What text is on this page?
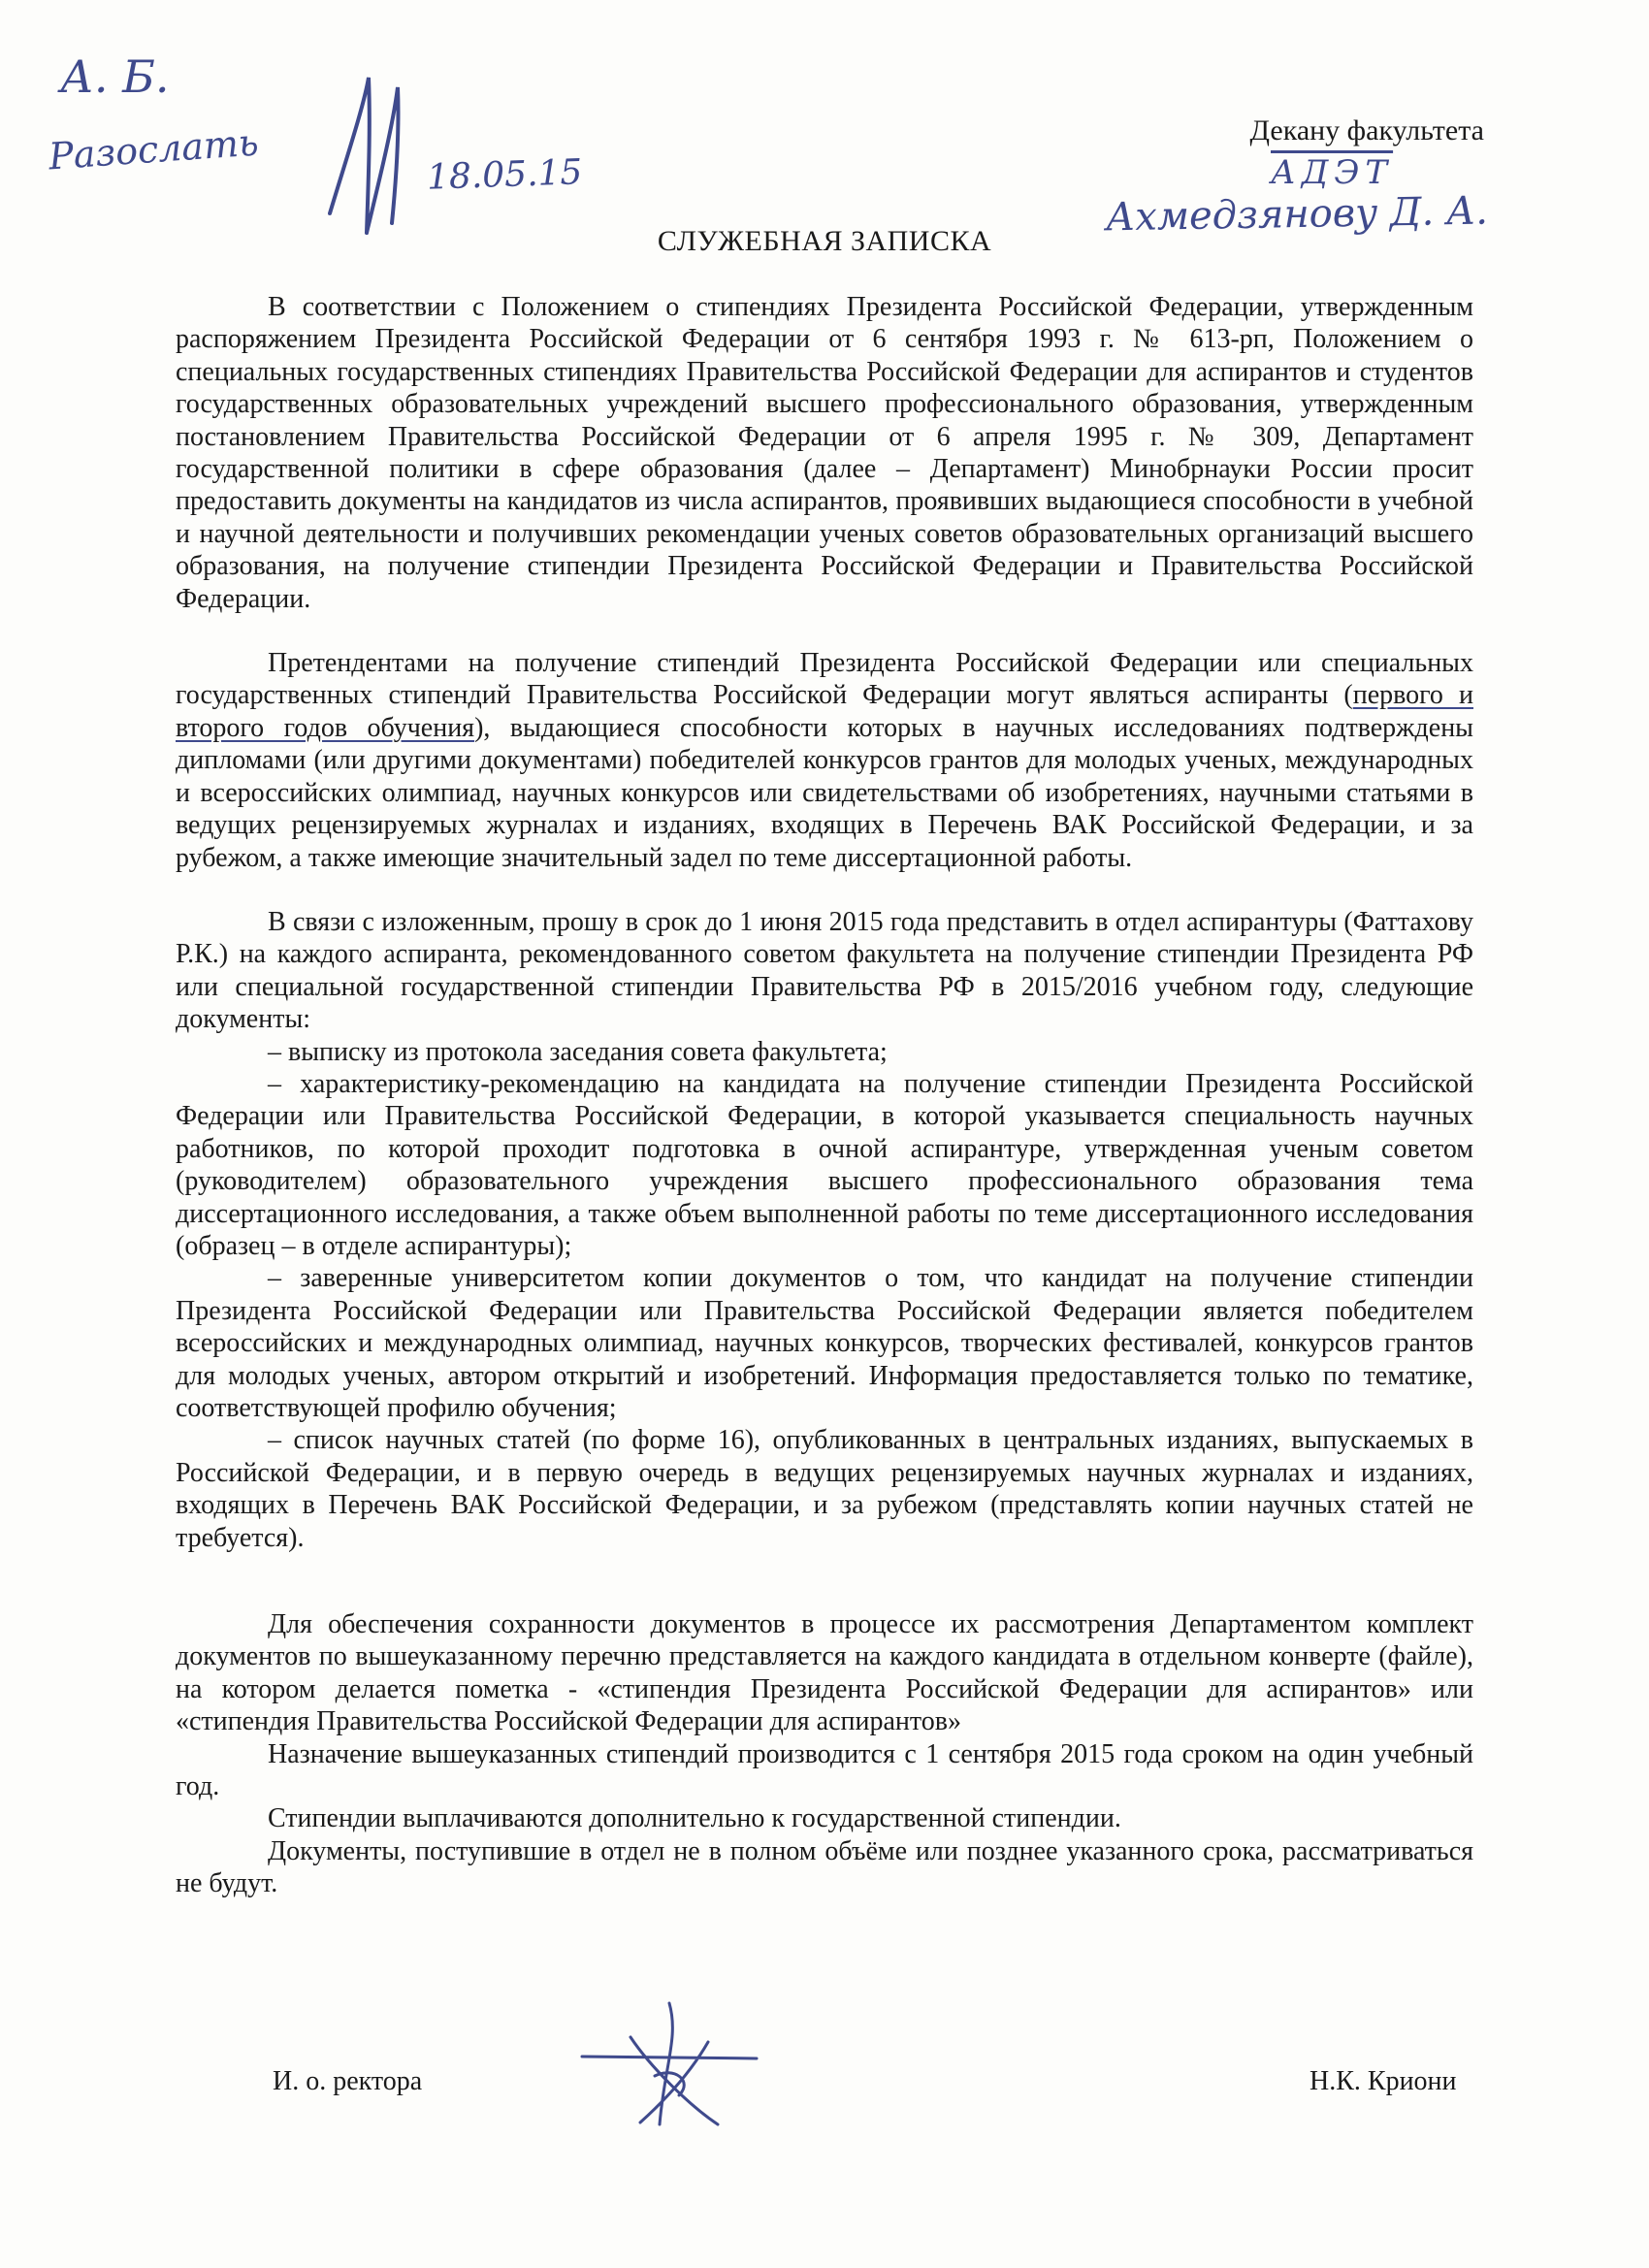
А. Б.
Разослать	18.05.15
Декану факультета
АДЭТ
Ахмедзянову Д. А.
СЛУЖЕБНАЯ ЗАПИСКА

В соответствии с Положением о стипендиях Президента Российской Федерации, утвержденным распоряжением Президента Российской Федерации от 6 сентября 1993 г. № 613-рп, Положением о специальных государственных стипендиях Правительства Российской Федерации для аспирантов и студентов государственных образовательных учреждений высшего профессионального образования, утвержденным постановлением Правительства Российской Федерации от 6 апреля 1995 г. № 309, Департамент государственной политики в сфере образования (далее – Департамент) Минобрнауки России просит предоставить документы на кандидатов из числа аспирантов, проявивших выдающиеся способности в учебной и научной деятельности и получивших рекомендации ученых советов образовательных организаций высшего образования, на получение стипендии Президента Российской Федерации и Правительства Российской Федерации.

Претендентами на получение стипендий Президента Российской Федерации или специальных государственных стипендий Правительства Российской Федерации могут являться аспиранты (первого и второго годов обучения), выдающиеся способности которых в научных исследованиях подтверждены дипломами (или другими документами) победителей конкурсов грантов для молодых ученых, международных и всероссийских олимпиад, научных конкурсов или свидетельствами об изобретениях, научными статьями в ведущих рецензируемых журналах и изданиях, входящих в Перечень ВАК Российской Федерации, и за рубежом, а также имеющие значительный задел по теме диссертационной работы.

В связи с изложенным, прошу в срок до 1 июня 2015 года представить в отдел аспирантуры (Фаттахову Р.К.) на каждого аспиранта, рекомендованного советом факультета на получение стипендии Президента РФ или специальной государственной стипендии Правительства РФ в 2015/2016 учебном году, следующие документы:

– выписку из протокола заседания совета факультета;

– характеристику-рекомендацию на кандидата на получение стипендии Президента Российской Федерации или Правительства Российской Федерации, в которой указывается специальность научных работников, по которой проходит подготовка в очной аспирантуре, утвержденная ученым советом (руководителем) образовательного учреждения высшего профессионального образования тема диссертационного исследования, а также объем выполненной работы по теме диссертационного исследования (образец – в отделе аспирантуры);

– заверенные университетом копии документов о том, что кандидат на получение стипендии Президента Российской Федерации или Правительства Российской Федерации является победителем всероссийских и международных олимпиад, научных конкурсов, творческих фестивалей, конкурсов грантов для молодых ученых, автором открытий и изобретений. Информация предоставляется только по тематике, соответствующей профилю обучения;

– список научных статей (по форме 16), опубликованных в центральных изданиях, выпускаемых в Российской Федерации, и в первую очередь в ведущих рецензируемых научных журналах и изданиях, входящих в Перечень ВАК Российской Федерации, и за рубежом (представлять копии научных статей не требуется).

Для обеспечения сохранности документов в процессе их рассмотрения Департаментом комплект документов по вышеуказанному перечню представляется на каждого кандидата в отдельном конверте (файле), на котором делается пометка - «стипендия Президента Российской Федерации для аспирантов» или «стипендия Правительства Российской Федерации для аспирантов»

Назначение вышеуказанных стипендий производится с 1 сентября 2015 года сроком на один учебный год.

Стипендии выплачиваются дополнительно к государственной стипендии.

Документы, поступившие в отдел не в полном объёме или позднее указанного срока, рассматриваться не будут.

И. о. ректора	Н.К. Криони
